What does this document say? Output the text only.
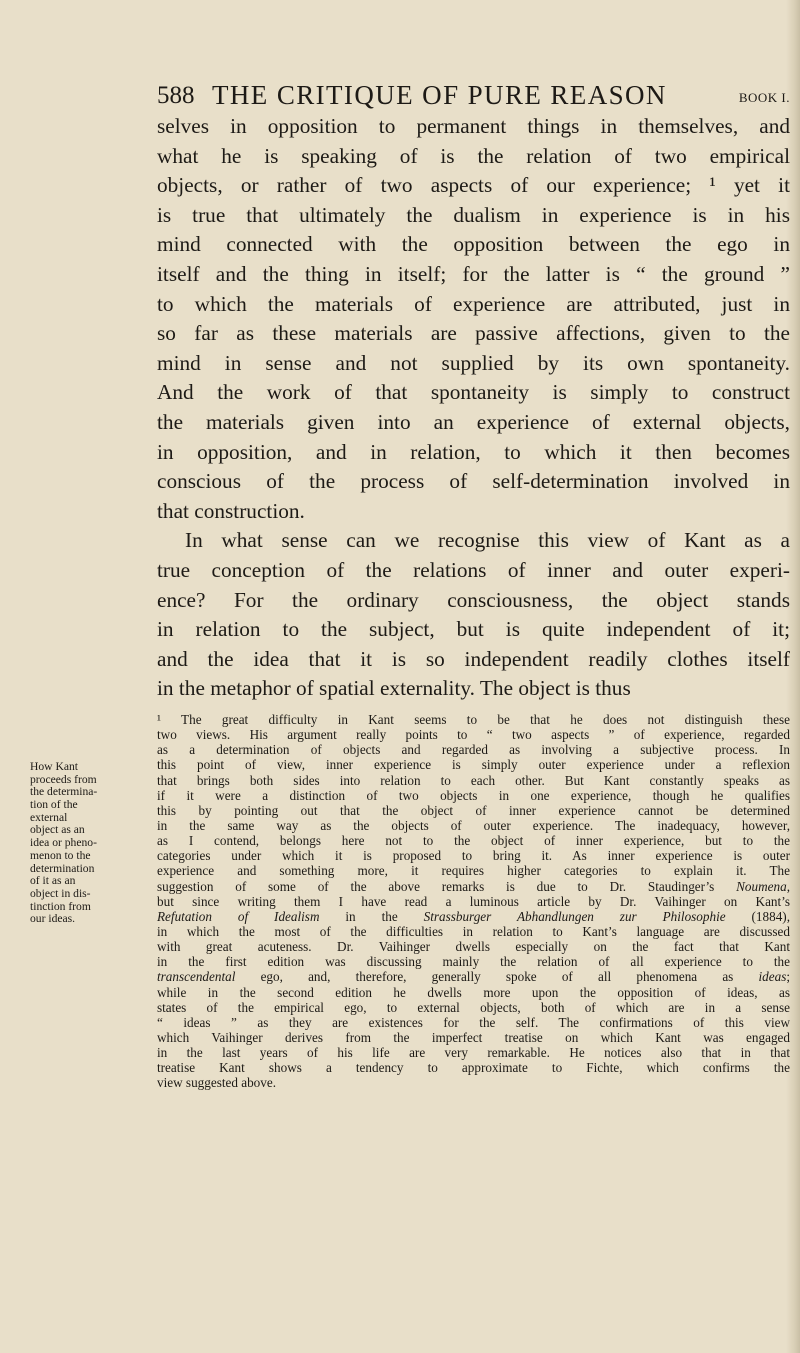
588 THE CRITIQUE OF PURE REASON	BOOK I.
selves in opposition to permanent things in themselves, and
what he is speaking of is the relation of two empirical
objects, or rather of two aspects of our experience; ¹ yet it
is true that ultimately the dualism in experience is in his
mind connected with the opposition between the ego in
itself and the thing in itself; for the latter is “ the ground ”
to which the materials of experience are attributed, just in
so far as these materials are passive affections, given to the
mind in sense and not supplied by its own spontaneity.
And the work of that spontaneity is simply to construct
the materials given into an experience of external objects,
in opposition, and in relation, to which it then becomes
conscious of the process of self-determination involved in
that construction.
In what sense can we recognise this view of Kant as a
true conception of the relations of inner and outer experi-
ence? For the ordinary consciousness, the object stands
in relation to the subject, but is quite independent of it;
and the idea that it is so independent readily clothes itself
in the metaphor of spatial externality. The object is thus
How Kant
proceeds from
the determina-
tion of the
external
object as an
idea or pheno-
menon to the
determination
of it as an
object in dis-
tinction from
our ideas.
¹ The great difficulty in Kant seems to be that he does not distinguish these
two views. His argument really points to “ two aspects ” of experience, regarded
as a determination of objects and regarded as involving a subjective process. In
this point of view, inner experience is simply outer experience under a reflexion
that brings both sides into relation to each other. But Kant constantly speaks as
if it were a distinction of two objects in one experience, though he qualifies
this by pointing out that the object of inner experience cannot be determined
in the same way as the objects of outer experience. The inadequacy, however,
as I contend, belongs here not to the object of inner experience, but to the
categories under which it is proposed to bring it. As inner experience is outer
experience and something more, it requires higher categories to explain it. The
suggestion of some of the above remarks is due to Dr. Staudinger’s Noumena,
but since writing them I have read a luminous article by Dr. Vaihinger on Kant’s
Refutation of Idealism in the Strassburger Abhandlungen zur Philosophie (1884),
in which the most of the difficulties in relation to Kant’s language are discussed
with great acuteness. Dr. Vaihinger dwells especially on the fact that Kant
in the first edition was discussing mainly the relation of all experience to the
transcendental ego, and, therefore, generally spoke of all phenomena as ideas;
while in the second edition he dwells more upon the opposition of ideas, as
states of the empirical ego, to external objects, both of which are in a sense
“ ideas ” as they are existences for the self. The confirmations of this view
which Vaihinger derives from the imperfect treatise on which Kant was engaged
in the last years of his life are very remarkable. He notices also that in that
treatise Kant shows a tendency to approximate to Fichte, which confirms the
view suggested above.
